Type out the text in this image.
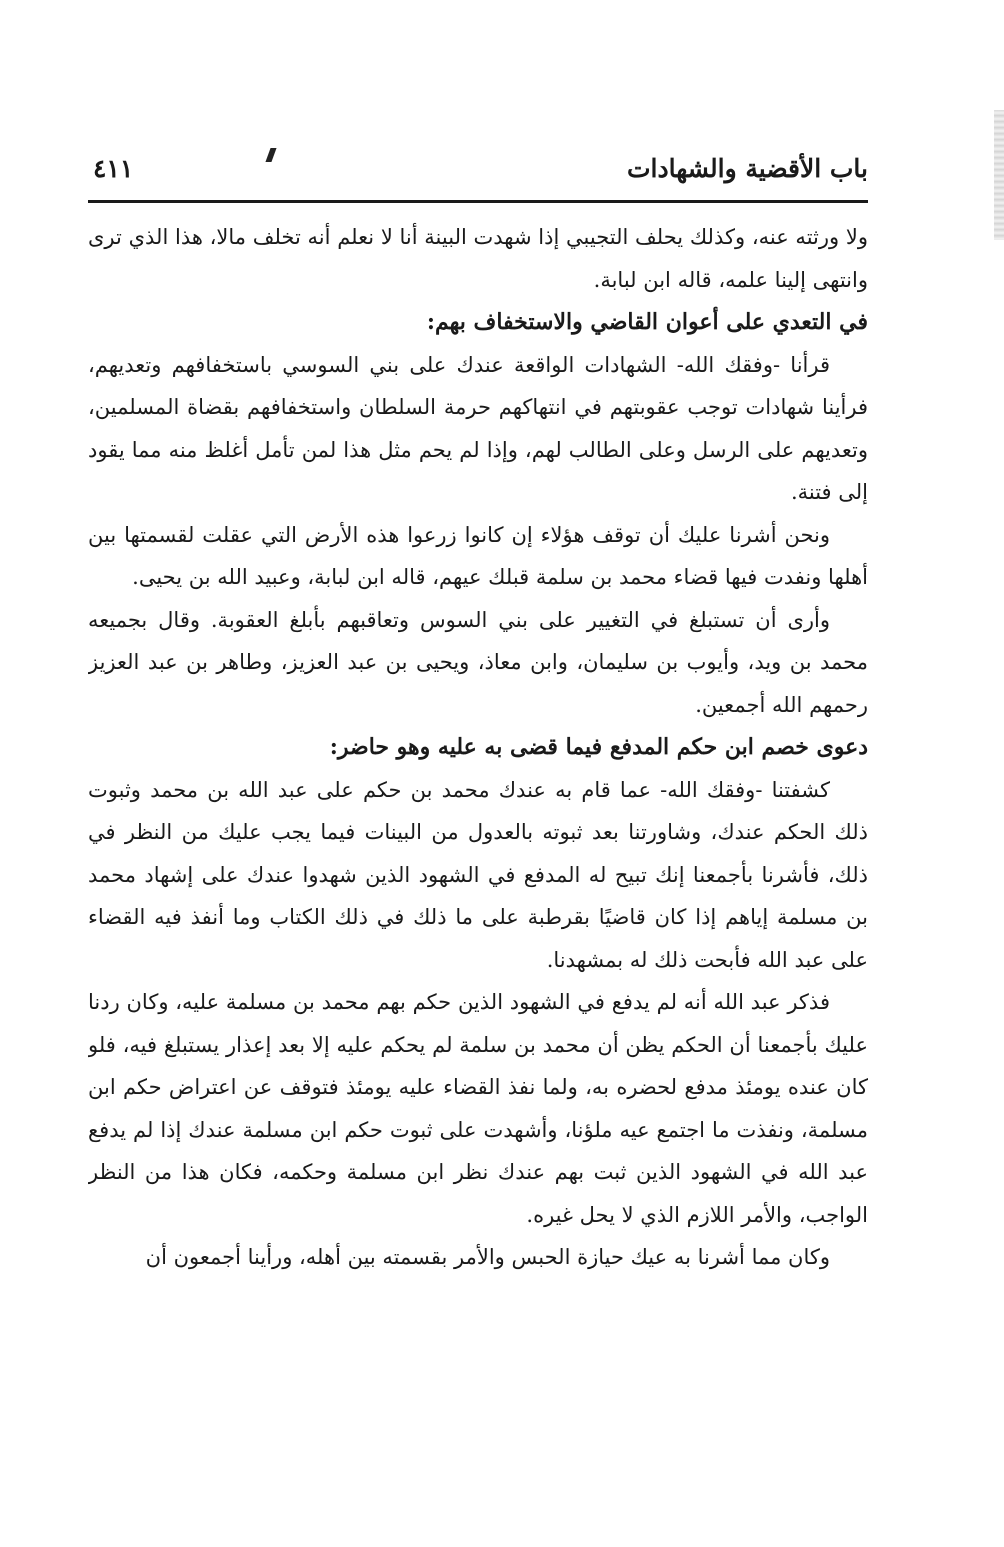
باب الأقضية والشهادات
٤١١

ولا ورثته عنه، وكذلك يحلف التجيبي إذا شهدت البينة أنا لا نعلم أنه تخلف مالا، هذا الذي ترى وانتهى إلينا علمه، قاله ابن لبابة.

في التعدي على أعوان القاضي والاستخفاف بهم:

قرأنا -وفقك الله- الشهادات الواقعة عندك على بني السوسي باستخفافهم وتعديهم، فرأينا شهادات توجب عقوبتهم في انتهاكهم حرمة السلطان واستخفافهم بقضاة المسلمين، وتعديهم على الرسل وعلى الطالب لهم، وإذا لم يحم مثل هذا لمن تأمل أغلظ منه مما يقود إلى فتنة.

ونحن أشرنا عليك أن توقف هؤلاء إن كانوا زرعوا هذه الأرض التي عقلت لقسمتها بين أهلها ونفدت فيها قضاء محمد بن سلمة قبلك عيهم، قاله ابن لبابة، وعبيد الله بن يحيى.

وأرى أن تستبلغ في التغيير على بني السوس وتعاقبهم بأبلغ العقوبة. وقال بجميعه محمد بن ويد، وأيوب بن سليمان، وابن معاذ، ويحيى بن عبد العزيز، وطاهر بن عبد العزيز رحمهم الله أجمعين.

دعوى خصم ابن حكم المدفع فيما قضى به عليه وهو حاضر:

كشفتنا -وفقك الله- عما قام به عندك محمد بن حكم على عبد الله بن محمد وثبوت ذلك الحكم عندك، وشاورتنا بعد ثبوته بالعدول من البينات فيما يجب عليك من النظر في ذلك، فأشرنا بأجمعنا إنك تبيح له المدفع في الشهود الذين شهدوا عندك على إشهاد محمد بن مسلمة إياهم إذا كان قاضيًا بقرطبة على ما ذلك في ذلك الكتاب وما أنفذ فيه القضاء على عبد الله فأبحت ذلك له بمشهدنا.

فذكر عبد الله أنه لم يدفع في الشهود الذين حكم بهم محمد بن مسلمة عليه، وكان ردنا عليك بأجمعنا أن الحكم يظن أن محمد بن سلمة لم يحكم عليه إلا بعد إعذار يستبلغ فيه، فلو كان عنده يومئذ مدفع لحضره به، ولما نفذ القضاء عليه يومئذ فتوقف عن اعتراض حكم ابن مسلمة، ونفذت ما اجتمع عيه ملؤنا، وأشهدت على ثبوت حكم ابن مسلمة عندك إذا لم يدفع عبد الله في الشهود الذين ثبت بهم عندك نظر ابن مسلمة وحكمه، فكان هذا من النظر الواجب، والأمر اللازم الذي لا يحل غيره.

وكان مما أشرنا به عيك حيازة الحبس والأمر بقسمته بين أهله، ورأينا أجمعون أن
